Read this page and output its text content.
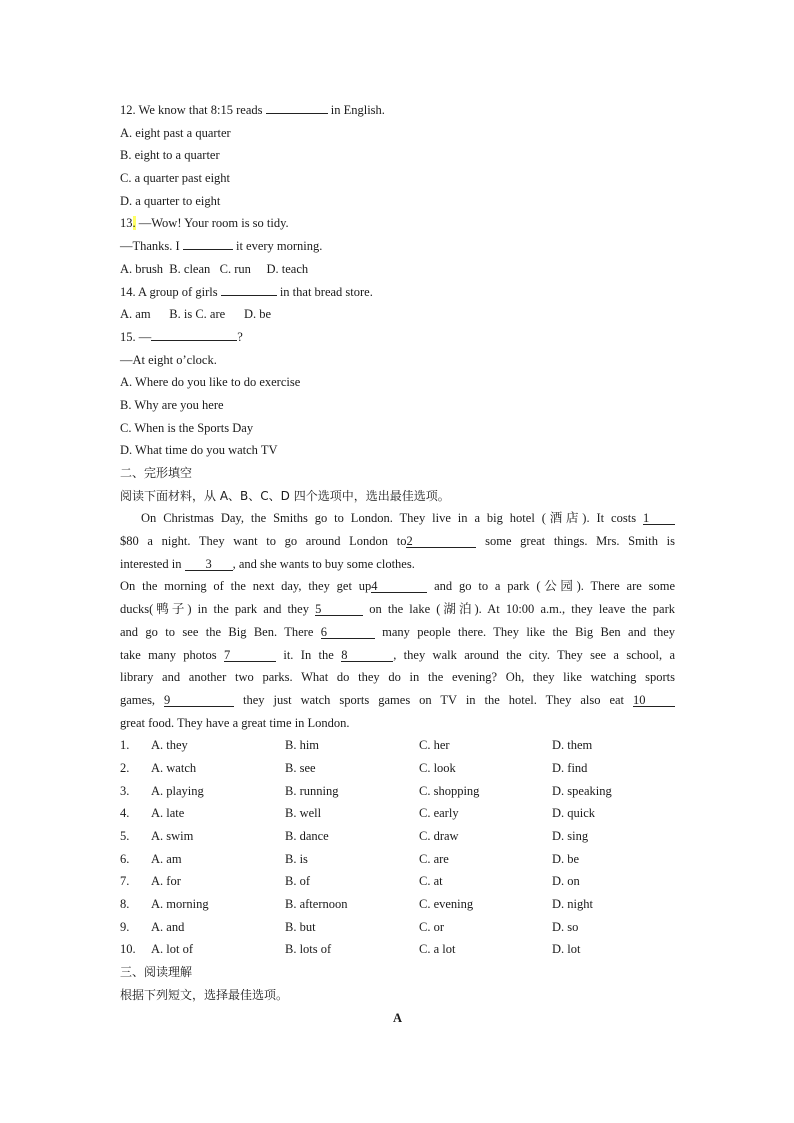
12. We know that 8:15 reads	in English.
A. eight past a quarter
B. eight to a quarter
C. a quarter past eight
D. a quarter to eight
13. —Wow! Your room is so tidy.
—Thanks. I	it every morning.
A. brush  B. clean   C. run     D. teach
14. A group of girls	in that bread store.
A. am      B. is C. are      D. be
15. —	?
—At eight o’clock.
A. Where do you like to do exercise
B. Why are you here
C. When is the Sports Day
D. What time do you watch TV
二、完形填空
阅读下面材料，从 A、B、C、D 四个选项中，选出最佳选项。
On Christmas Day, the Smiths go to London. They live in a big hotel (酒店). It costs 1
$80 a night. They want to go around London to2	some great things. Mrs. Smith is
interested in 3 , and she wants to buy some clothes.
On the morning of the next day, they get up4	and go to a park (公园). There are some
ducks(鸭子) in the park and they 5	on the lake (湖泊). At 10:00 a.m., they leave the park
and go to see the Big Ben. There 6	many people there. They like the Big Ben and they
take many photos 7	it. In the 8	, they walk around the city. They see a school, a
library and another two parks. What do they do in the evening? Oh, they like watching sports
games, 9	they just watch sports games on TV in the hotel. They also eat 10
great food. They have a great time in London.
1.	A. they	B. him	C. her	D. them
2.	A. watch	B. see	C. look	D. find
3.	A. playing	B. running	C. shopping	D. speaking
4.	A. late	B. well	C. early	D. quick
5.	A. swim	B. dance	C. draw	D. sing
6.	A. am	B. is	C. are	D. be
7.	A. for	B. of	C. at	D. on
8.	A. morning	B. afternoon	C. evening	D. night
9.	A. and	B. but	C. or	D. so
10.	A. lot of	B. lots of	C. a lot	D. lot
三、阅读理解
根据下列短文，选择最佳选项。
A
